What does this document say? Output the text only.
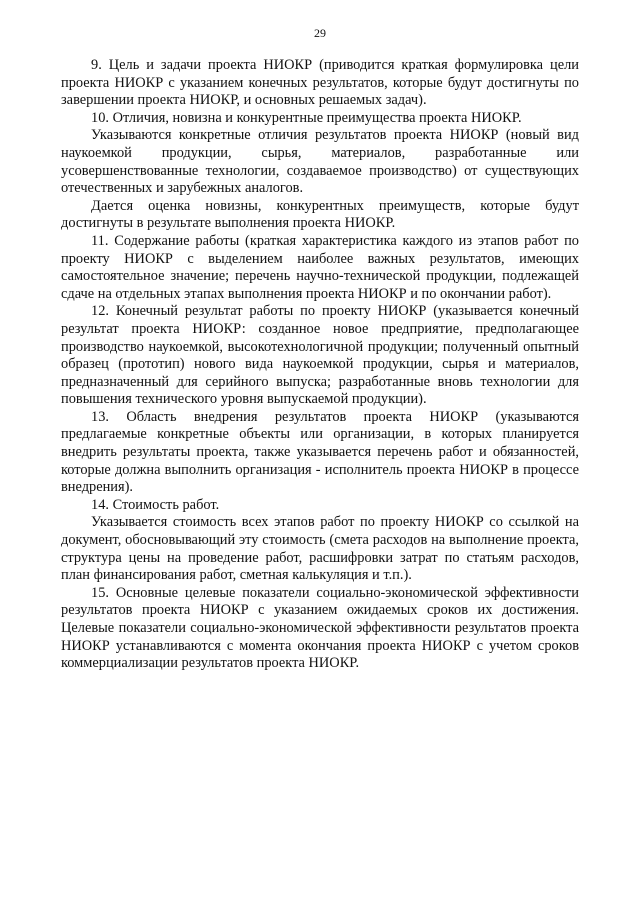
29

9. Цель и задачи проекта НИОКР (приводится краткая формулировка цели проекта НИОКР с указанием конечных результатов, которые будут достигнуты по завершении проекта НИОКР, и основных решаемых задач).

10. Отличия, новизна и конкурентные преимущества проекта НИОКР.

Указываются конкретные отличия результатов проекта НИОКР (новый вид наукоемкой продукции, сырья, материалов, разработанные или усовершенствованные технологии, создаваемое производство) от существующих отечественных и зарубежных аналогов.

Дается оценка новизны, конкурентных преимуществ, которые будут достигнуты в результате выполнения проекта НИОКР.

11. Содержание работы (краткая характеристика каждого из этапов работ по проекту НИОКР с выделением наиболее важных результатов, имеющих самостоятельное значение; перечень научно-технической продукции, подлежащей сдаче на отдельных этапах выполнения проекта НИОКР и по окончании работ).

12. Конечный результат работы по проекту НИОКР (указывается конечный результат проекта НИОКР: созданное новое предприятие, предполагающее производство наукоемкой, высокотехнологичной продукции; полученный опытный образец (прототип) нового вида наукоемкой продукции, сырья и материалов, предназначенный для серийного выпуска; разработанные вновь технологии для повышения технического уровня выпускаемой продукции).

13. Область внедрения результатов проекта НИОКР (указываются предлагаемые конкретные объекты или организации, в которых планируется внедрить результаты проекта, также указывается перечень работ и обязанностей, которые должна выполнить организация - исполнитель проекта НИОКР в процессе внедрения).

14. Стоимость работ.

Указывается стоимость всех этапов работ по проекту НИОКР со ссылкой на документ, обосновывающий эту стоимость (смета расходов на выполнение проекта, структура цены на проведение работ, расшифровки затрат по статьям расходов, план финансирования работ, сметная калькуляция и т.п.).

15. Основные целевые показатели социально-экономической эффективности результатов проекта НИОКР с указанием ожидаемых сроков их достижения. Целевые показатели социально-экономической эффективности результатов проекта НИОКР устанавливаются с момента окончания проекта НИОКР с учетом сроков коммерциализации результатов проекта НИОКР.
